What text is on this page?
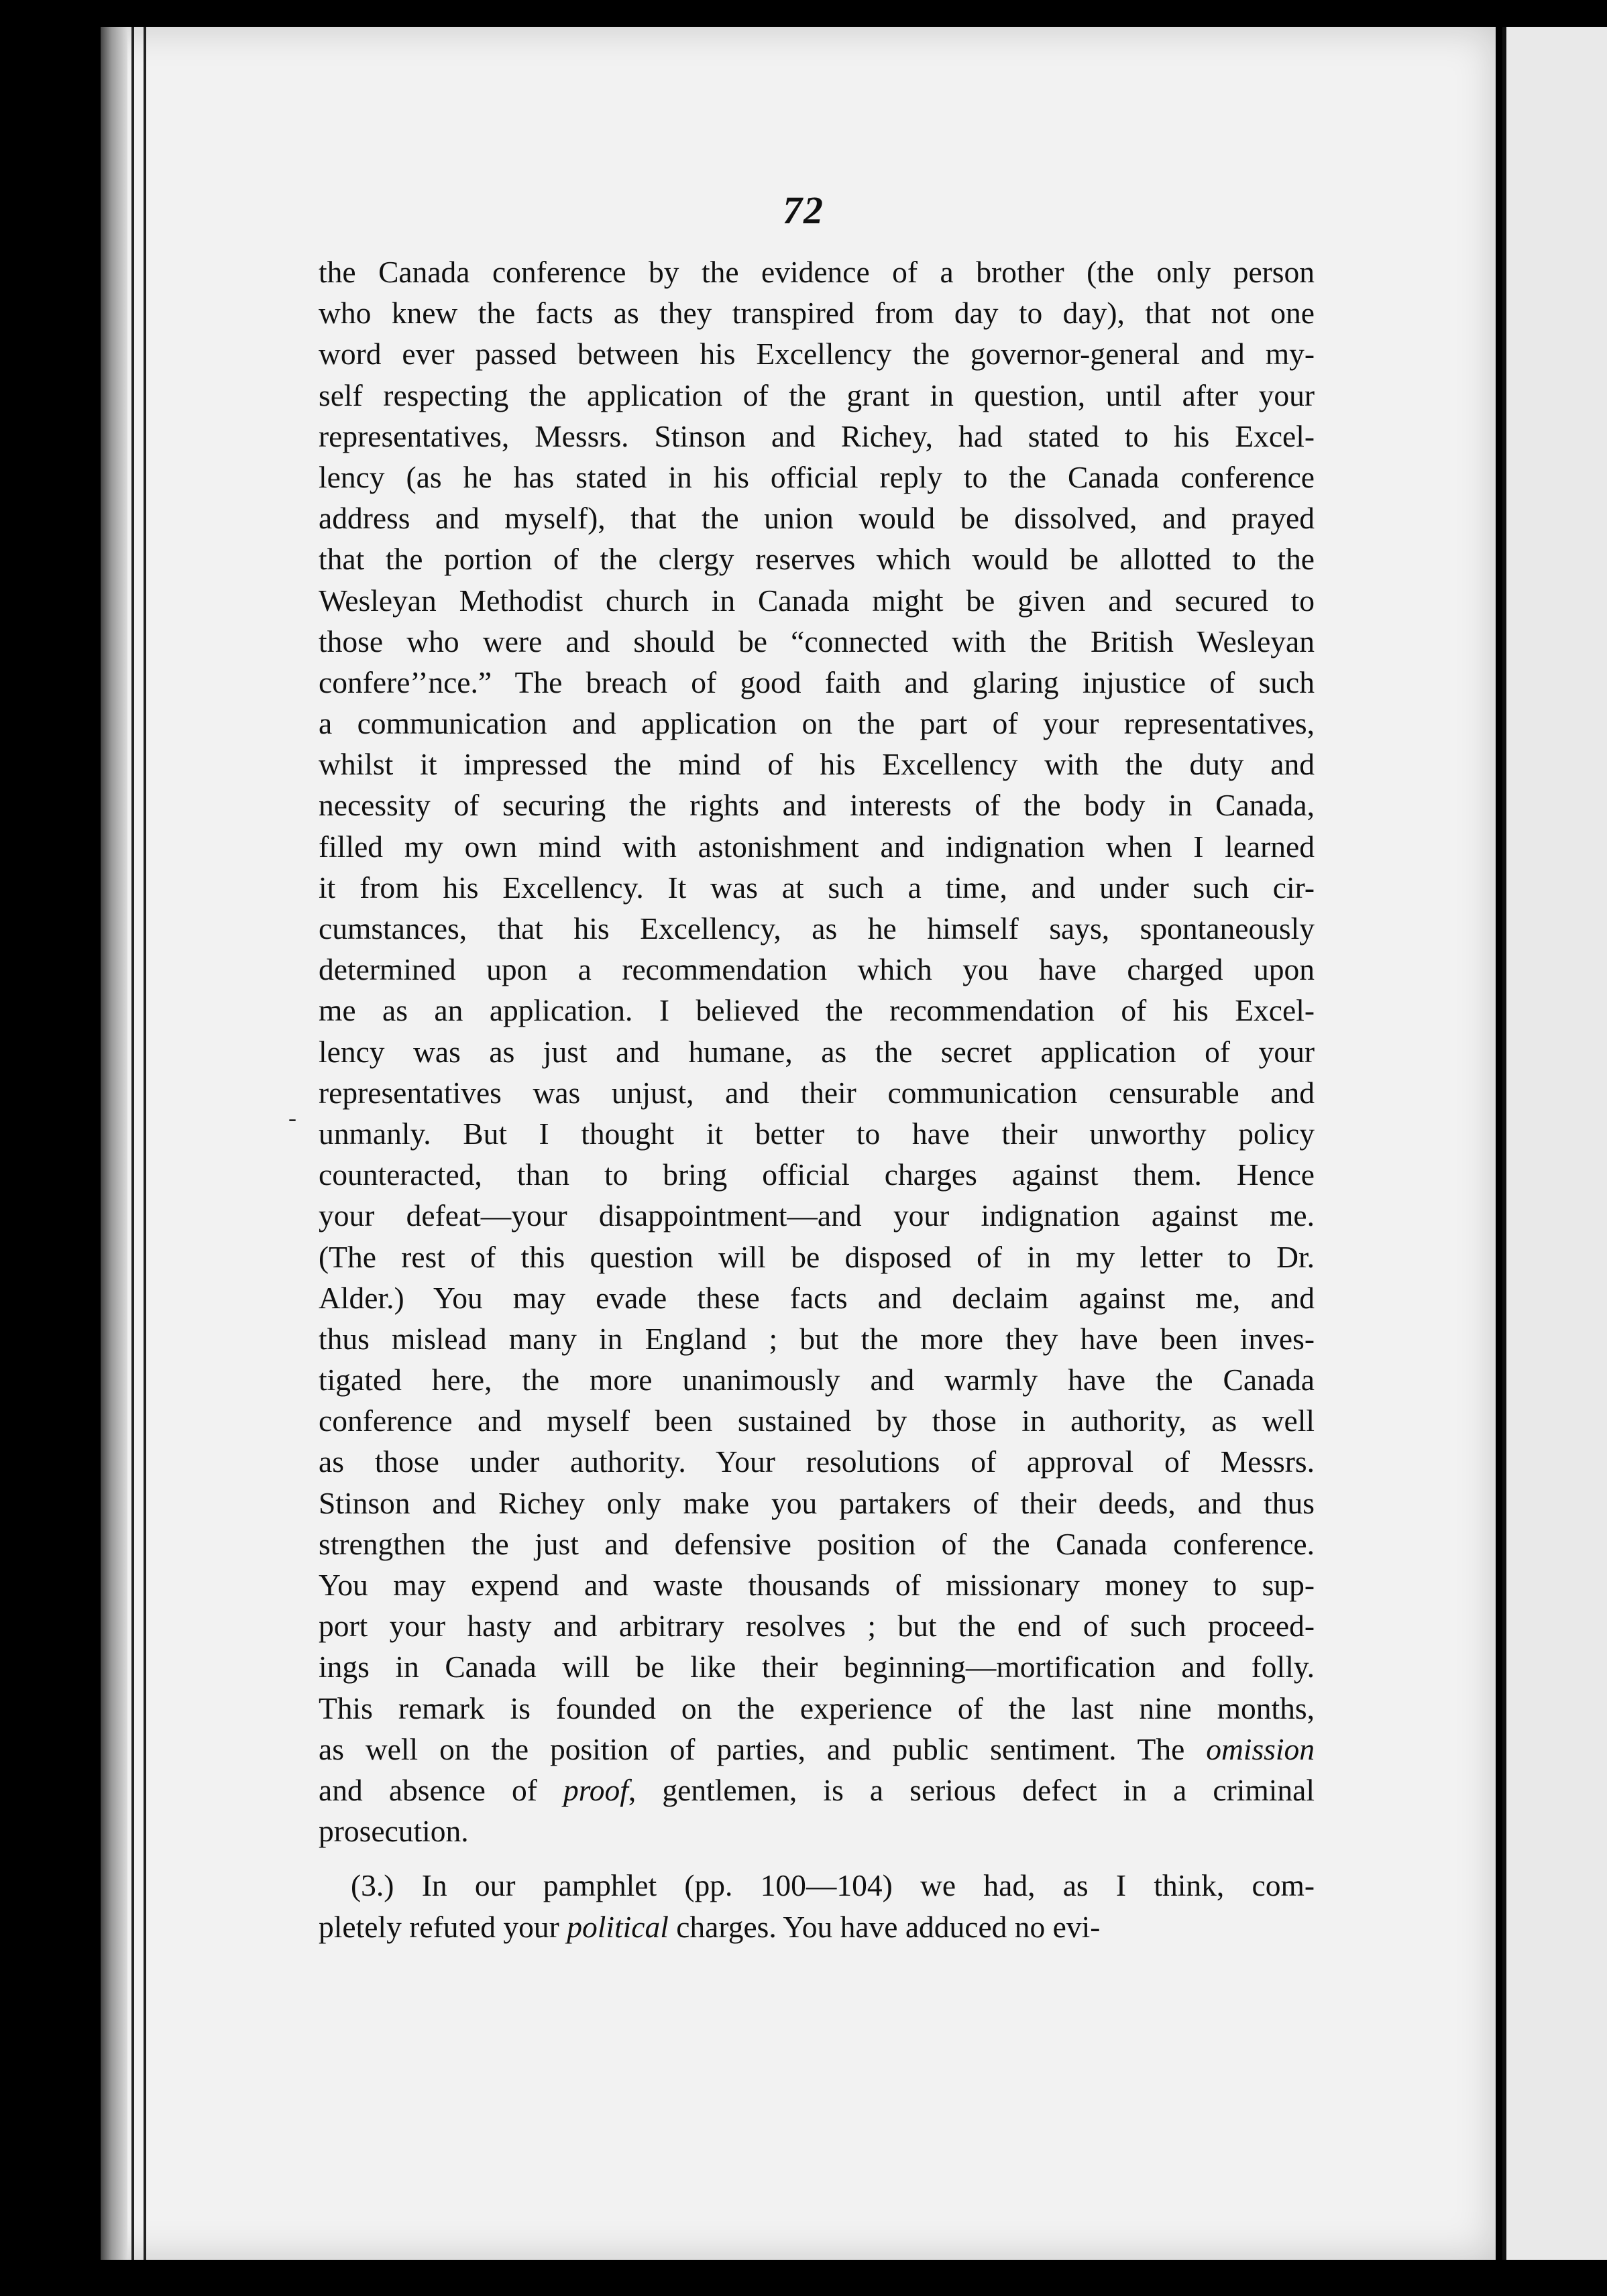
72
-
the Canada conference by the evidence of a brother (the only person
who knew the facts as they transpired from day to day), that not one
word ever passed between his Excellency the governor-general and my-
self respecting the application of the grant in question, until after your
representatives, Messrs. Stinson and Richey, had stated to his Excel-
lency (as he has stated in his official reply to the Canada conference
address and myself), that the union would be dissolved, and prayed
that the portion of the clergy reserves which would be allotted to the
Wesleyan Methodist church in Canada might be given and secured to
those who were and should be “connected with the British Wesleyan
confere’’nce.” The breach of good faith and glaring injustice of such
a communication and application on the part of your representatives,
whilst it impressed the mind of his Excellency with the duty and
necessity of securing the rights and interests of the body in Canada,
filled my own mind with astonishment and indignation when I learned
it from his Excellency. It was at such a time, and under such cir-
cumstances, that his Excellency, as he himself says, spontaneously
determined upon a recommendation which you have charged upon
me as an application. I believed the recommendation of his Excel-
lency was as just and humane, as the secret application of your
representatives was unjust, and their communication censurable and
unmanly. But I thought it better to have their unworthy policy
counteracted, than to bring official charges against them. Hence
your defeat—your disappointment—and your indignation against me.
(The rest of this question will be disposed of in my letter to Dr.
Alder.) You may evade these facts and declaim against me, and
thus mislead many in England ; but the more they have been inves-
tigated here, the more unanimously and warmly have the Canada
conference and myself been sustained by those in authority, as well
as those under authority. Your resolutions of approval of Messrs.
Stinson and Richey only make you partakers of their deeds, and thus
strengthen the just and defensive position of the Canada conference.
You may expend and waste thousands of missionary money to sup-
port your hasty and arbitrary resolves ; but the end of such proceed-
ings in Canada will be like their beginning—mortification and folly.
This remark is founded on the experience of the last nine months,
as well on the position of parties, and public sentiment. The omission
and absence of proof, gentlemen, is a serious defect in a criminal
prosecution.
(3.) In our pamphlet (pp. 100—104) we had, as I think, com-
pletely refuted your political charges. You have adduced no evi-
